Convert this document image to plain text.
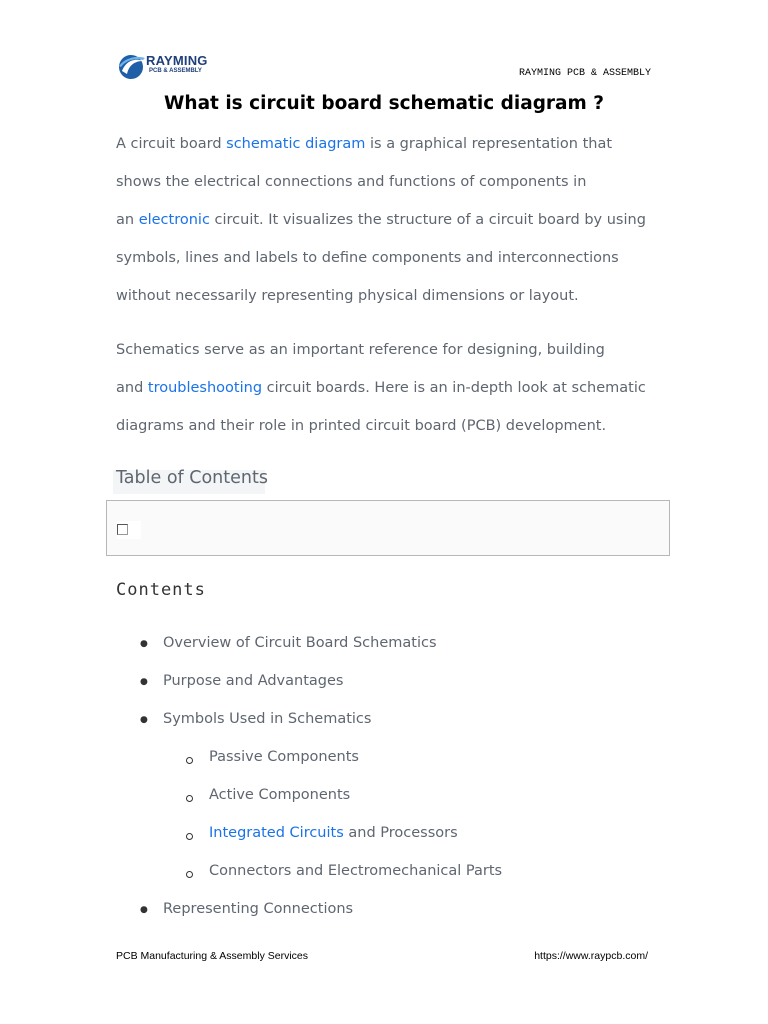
RAYMING
PCB & ASSEMBLY	RAYMING PCB & ASSEMBLY
What is circuit board schematic diagram ?
A circuit board schematic diagram is a graphical representation that
shows the electrical connections and functions of components in
an electronic circuit. It visualizes the structure of a circuit board by using
symbols, lines and labels to define components and interconnections
without necessarily representing physical dimensions or layout.
Schematics serve as an important reference for designing, building
and troubleshooting circuit boards. Here is an in-depth look at schematic
diagrams and their role in printed circuit board (PCB) development.
Table of Contents
Contents
● Overview of Circuit Board Schematics
● Purpose and Advantages
● Symbols Used in Schematics
Passive Components
Active Components
Integrated Circuits and Processors
Connectors and Electromechanical Parts
● Representing Connections
PCB Manufacturing & Assembly Services	https://www.raypcb.com/
